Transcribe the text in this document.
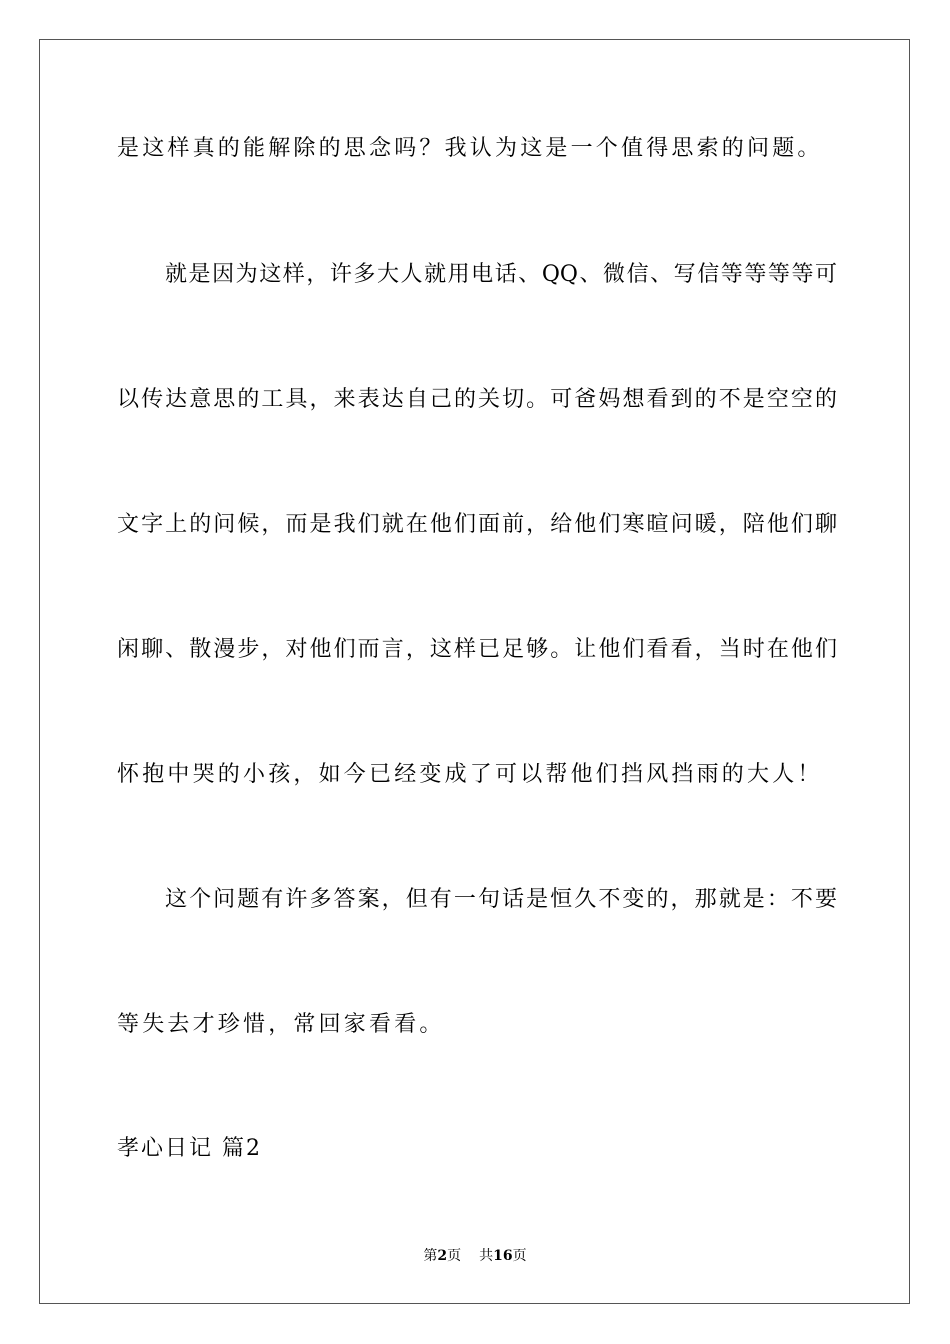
是这样真的能解除的思念吗？我认为这是一个值得思索的问题。
就是因为这样，许多大人就用电话、QQ、微信、写信等等等等可
以传达意思的工具，来表达自己的关切。可爸妈想看到的不是空空的
文字上的问候，而是我们就在他们面前，给他们寒暄问暖，陪他们聊
闲聊、散漫步，对他们而言，这样已足够。让他们看看，当时在他们
怀抱中哭的小孩，如今已经变成了可以帮他们挡风挡雨的大人！
这个问题有许多答案，但有一句话是恒久不变的，那就是：不要
等失去才珍惜，常回家看看。
孝心日记 篇2
第2页 共16页
